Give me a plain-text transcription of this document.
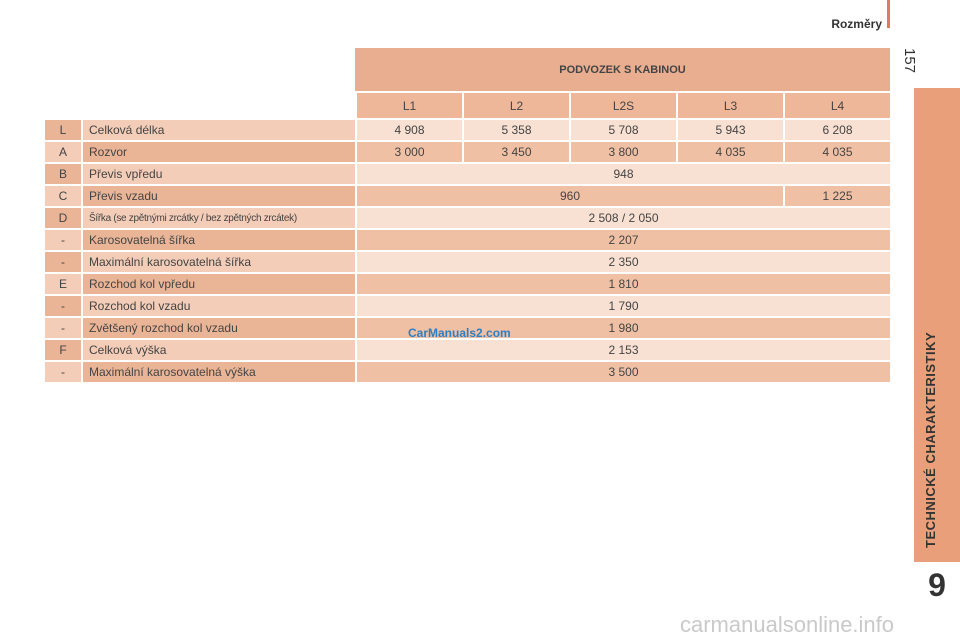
Rozměry
157
TECHNICKÉ CHARAKTERISTIKY
9
		PODVOZEK S KABINOU				
		L1	L2	L2S	L3	L4
L	Celková délka	4 908	5 358	5 708	5 943	6 208
A	Rozvor	3 000	3 450	3 800	4 035	4 035
B	Převis vpředu	948				
C	Převis vzadu	960				1 225
D	Šířka (se zpětnými zrcátky / bez zpětných zrcátek)	2 508 / 2 050				
-	Karosovatelná šířka	2 207				
-	Maximální karosovatelná šířka	2 350				
E	Rozchod kol vpředu	1 810				
-	Rozchod kol vzadu	1 790				
-	Zvětšený rozchod kol vzadu	1 980				
F	Celková výška	2 153				
-	Maximální karosovatelná výška	3 500				
CarManuals2.com
carmanualsonline.info
